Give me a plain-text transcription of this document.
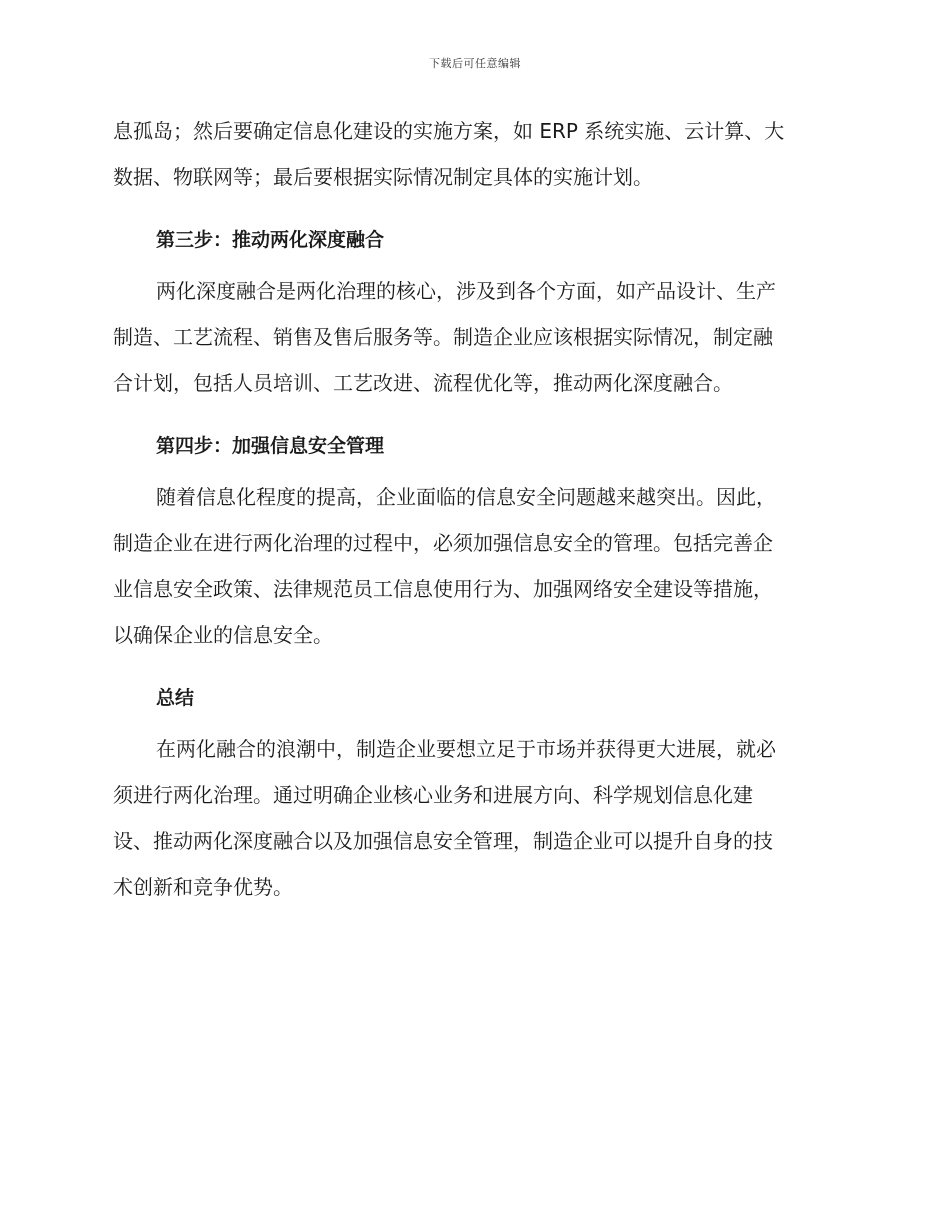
下载后可任意编辑
息孤岛；然后要确定信息化建设的实施方案，如 ERP 系统实施、云计算、大
数据、物联网等；最后要根据实际情况制定具体的实施计划。
第三步：推动两化深度融合
两化深度融合是两化治理的核心，涉及到各个方面，如产品设计、生产
制造、工艺流程、销售及售后服务等。制造企业应该根据实际情况，制定融
合计划，包括人员培训、工艺改进、流程优化等，推动两化深度融合。
第四步：加强信息安全管理
随着信息化程度的提高，企业面临的信息安全问题越来越突出。因此，
制造企业在进行两化治理的过程中，必须加强信息安全的管理。包括完善企
业信息安全政策、法律规范员工信息使用行为、加强网络安全建设等措施，
以确保企业的信息安全。
总结
在两化融合的浪潮中，制造企业要想立足于市场并获得更大进展，就必
须进行两化治理。通过明确企业核心业务和进展方向、科学规划信息化建
设、推动两化深度融合以及加强信息安全管理，制造企业可以提升自身的技
术创新和竞争优势。
